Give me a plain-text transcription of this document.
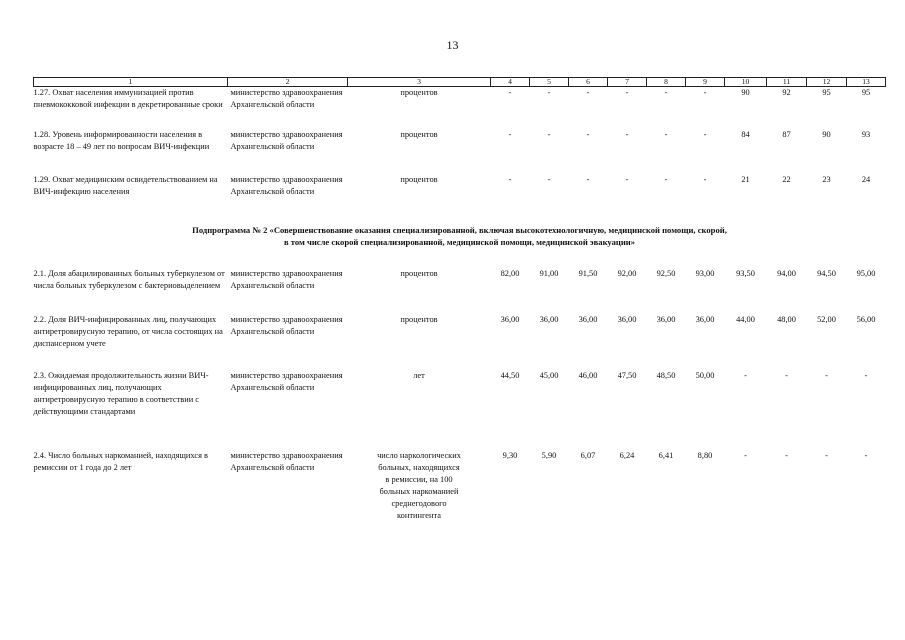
13
1	2	3	4	5	6	7	8	9	10	11	12	13
1.27. Охват населения иммунизацией против пневмококковой инфекции в декретированные сроки	министерство здравоохранения Архангельской области	процентов	-	-	-	-	-	-	90	92	95	95
1.28. Уровень информированности населения в возрасте 18 – 49 лет по вопросам ВИЧ-инфекции	министерство здравоохранения Архангельской области	процентов	-	-	-	-	-	-	84	87	90	93
1.29. Охват медицинским освидетельствованием на ВИЧ-инфекцию населения	министерство здравоохранения Архангельской области	процентов	-	-	-	-	-	-	21	22	23	24

Подпрограмма № 2 «Совершенствование оказания специализированной, включая высокотехнологичную, медицинской помощи, скорой,
в том числе скорой специализированной, медицинской помощи, медицинской эвакуации»												

2.1. Доля абацилированных больных туберкулезом от числа больных туберкулезом с бактериовыделением	министерство здравоохранения Архангельской области	процентов	82,00	91,00	91,50	92,00	92,50	93,00	93,50	94,00	94,50	95,00
2.2. Доля ВИЧ-инфицированных лиц, получающих антиретровирусную терапию, от числа состоящих на диспансерном учете	министерство здравоохранения Архангельской области	процентов	36,00	36,00	36,00	36,00	36,00	36,00	44,00	48,00	52,00	56,00
2.3. Ожидаемая продолжительность жизни ВИЧ-инфицированных лиц, получающих антиретровирусную терапию в соответствии с действующими стандартами	министерство здравоохранения Архангельской области	лет	44,50	45,00	46,00	47,50	48,50	50,00	-	-	-	-
2.4. Число больных наркоманией, находящихся в ремиссии от 1 года до 2 лет	министерство здравоохранения Архангельской области	число наркологических больных, находящихся в ремиссии, на 100 больных наркоманией среднегодового контингента	9,30	5,90	6,07	6,24	6,41	8,80	-	-	-	-
